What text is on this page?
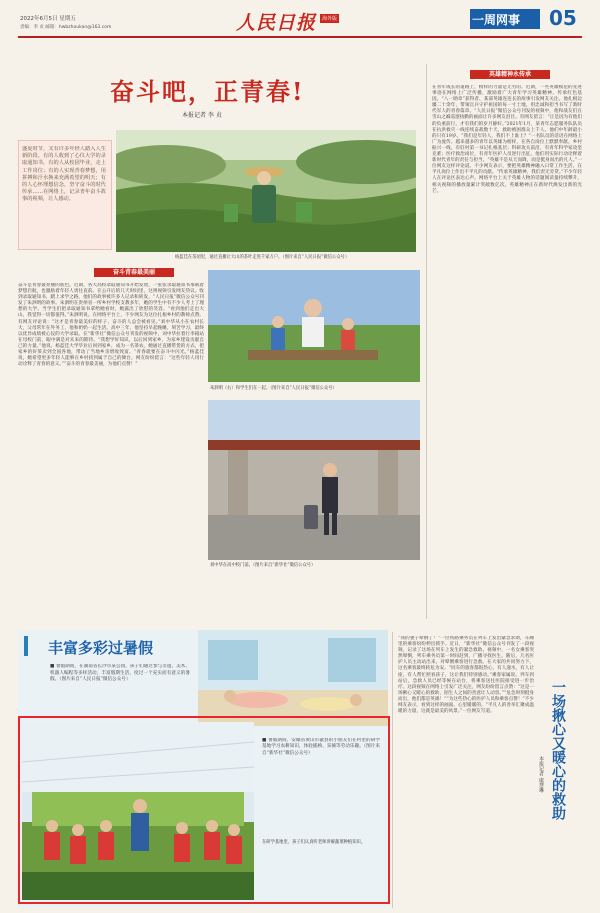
2022年6月5日 星期五
责编：李 贞 邮箱：hwbzhoukan@163.com	人民日报	海外版	一周网事 05
奋斗吧，正青春!
本报记者 李 贞
盛夏时节，又有许多年轻人踏入人生新阶段。有的人收到了心仪大学的录取通知书，有的人从校园毕业，走上工作岗位；有的人实现青春梦想，用拼搏和汗水换来充满希望的明天；有的人心怀理想信念，坚守奋斗的时代传承……在网络上，记录青年奋斗故事的视频，让人感动。
杨蓝佳在茶园里，通过直播让大山的茶叶走进千家万户。（图片来自“人民日报”微信公众号）
奋斗青春最美丽
奋斗是青春最亮丽的底色。近期，各大高校录取通知书开始发放，一张张录取通知书承载着梦想启航，也激励着年轻人勇往直前。在公开后的几天时间里，这则视频引发网友热议。收到录取通知书，踏上求学之路，他们的故事被许多人记录和转发。“人民日报”微信公众号刊发了朱泗明的故事。朱泗明在贵州省一所乡村学校支教多年，她的学生中有不少人考上了理想的大学。当学生们把录取通知书拿给她看时，她露出了欣慰的笑容。“看到他们走出大山，我觉得一切都值得。”朱泗明说。在网络平台上，不少网友为这位扎根乡村的教师点赞。有网友评论说：“这才是青春最美好的样子，奋斗的人总会被看见。”刘中华从小在农村长大，父母常年在外务工，他和奶奶一起生活。高中三年，他坚持早起晚睡，刻苦学习，最终以优异成绩被心仪的大学录取。在“新华社”微信公众号刊发的视频中，刘中华拉着行李箱站在母校门前，眼中满是对未来的期待。“我想学好知识，以后回到家乡，为家乡建设贡献自己的力量。”他说。杨蓝佳大学毕业后回到家乡，成为一名茶农，她通过直播带货的方式，把家乡的好茶卖到全国各地，带动了当地乡亲增收致富。“青春就要在奋斗中闪光。”杨蓝佳说，她希望更多年轻人能够在乡村找到属于自己的舞台。网友纷纷留言：“这些年轻人用行动诠释了青春的意义。”“奋斗的青春最美丽，为他们点赞！”
朱泗明（右）和学生们在一起。（图片来自“人民日报”微信公众号）
刘中华在高中校门前。（图片来自“新华社”微信公众号）
英雄精神永传承
在青年成长的道路上，榜样的力量是无穷的。近期，一些英雄模范的先进事迹在网络上广泛传播，激励着广大青年学习英雄精神、传承红色基因。“八一勋章”获得者、某部英雄连连长的故事引发网友关注。他扎根边疆二十余年，带领官兵守护祖国的每一寸土地，用忠诚和担当书写了新时代军人的青春篇章。“人民日报”微信公众号刊发的视频中，他和战友们在雪山之巅巡逻执勤的画面让许多网友泪目。有网友留言：“正是因为有他们的负重前行，才有我们的岁月静好。”2021年1月，某青年志愿服务队队员在抗洪救灾一线连续奋战数十天，救助被困群众上千人。他们中年龄最小的只有19岁。“我们是年轻人，我们不上谁上？”一名队员的话语在网络上广为流传。越来越多的青年以英雄为榜样，在各自岗位上默默奉献。乡村振兴一线，有驻村第一书记扎根基层；科研攻关前沿，有青年科学家攻坚克难；医疗救治岗位，有青年医护人员逆行出征。他们用实际行动诠释着新时代青年的责任与担当。“英雄不是从天而降，而是挺身而出的凡人。”一位网友这样评论道。不少网友表示，要把英雄精神融入日常工作生活，在平凡岗位上作出不平凡的贡献。“传承英雄精神，我们责无旁贷。”不少年轻人在评论区表达心声。网络平台上关于英雄人物的话题阅读量持续攀升，相关视频的播放量累计突破数亿次，英雄精神正在新时代焕发出新的光芒。
丰富多彩过暑假
■ 暑假期间，在湖南省长沙市某公园，孩子们通过参与非遗、美术、机器人编程等多样活动，丰富假期生活，度过一个充实而有意义的暑假。（图片来自“人民日报”微信公众号）
■ 暑假期间，安徽省黄山市歙县的小朋友们在村里的研学基地学习农耕知识，体验插秧、采摘等劳动乐趣。（图片来自“新华社”微信公众号）
在研学基地里，孩子们认真听老师讲解蔬菜种植知识。
“我的妻子晕倒了！”一位铁路乘务员在列车上发出紧急求助，车厢里的乘客纷纷伸出援手。近日，“新华社”微信公众号刊发了一段视频，记录了这场在列车上发生的紧急救助。视频中，一名女乘客突然晕倒，列车乘务员第一时间赶到，广播寻找医生。随后，几名医护人员主动站出来，对晕倒乘客进行急救。在大家的共同努力下，这名乘客最终转危为安。“同车的旅客都很热心，有人递水，有人让座，有人帮忙照看孩子，这让我们特别感动。”乘客家属说。列车到站后，急救人员已经等候在站台，将乘客送往医院接受进一步治疗。这段视频在网络上引发广泛关注，网友纷纷留言点赞：“这是一场揪心又暖心的救助，陌生人之间的善意让人动容。”“危急时刻挺身而出，他们都是英雄！”“为这些热心的医护人员和乘客点赞！”不少网友表示，看到这样的画面，心里暖暖的。“平凡人的善举汇聚成温暖的力量，这就是最美的风景。”一位网友写道。	一场揪心又暖心的救助
本报记者 康慧琳
